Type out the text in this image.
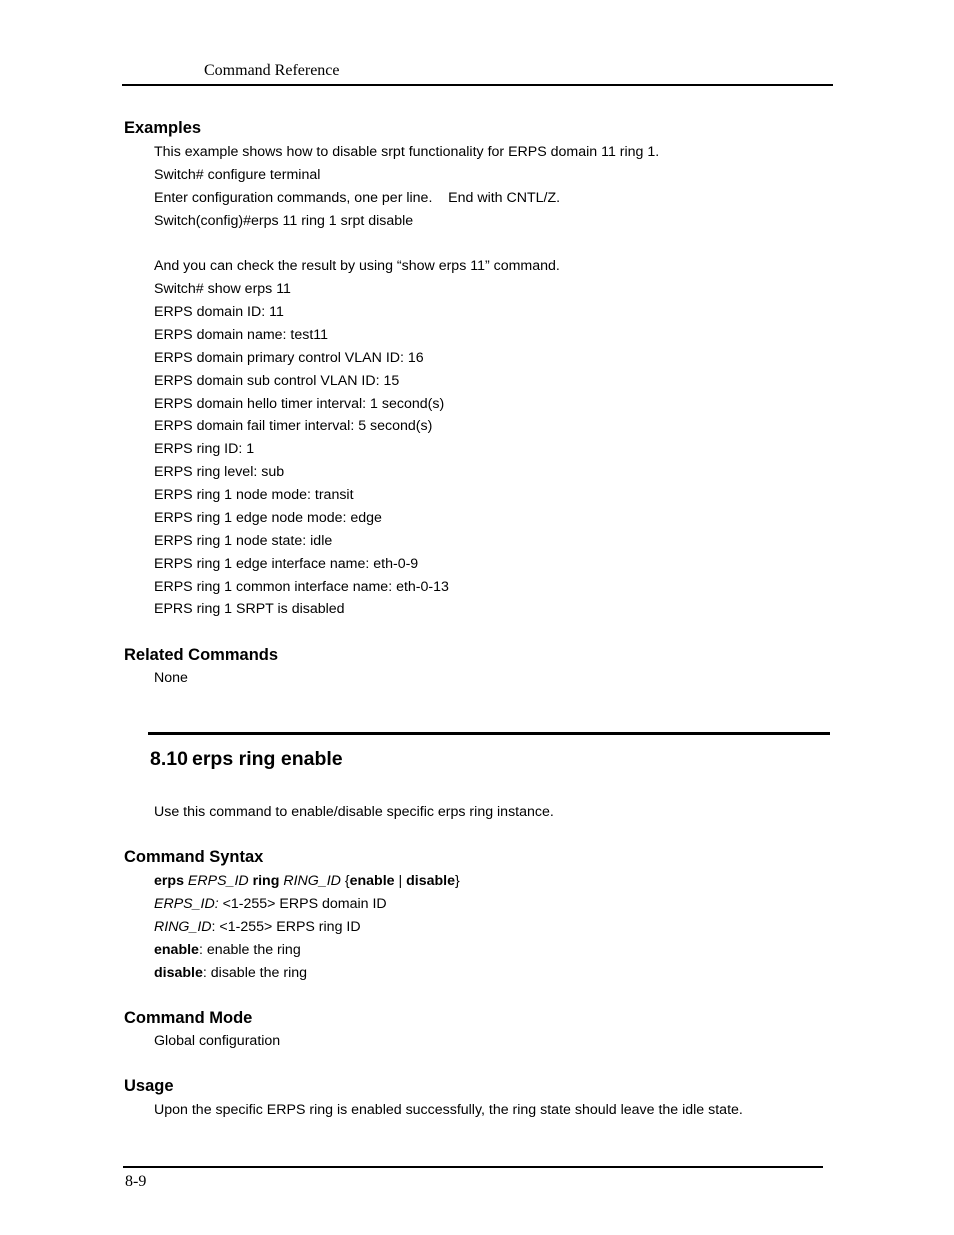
Command Reference
Examples
This example shows how to disable srpt functionality for ERPS domain 11 ring 1.
Switch# configure terminal
Enter configuration commands, one per line.    End with CNTL/Z.
Switch(config)#erps 11 ring 1 srpt disable
And you can check the result by using “show erps 11” command.
Switch# show erps 11
ERPS domain ID: 11
ERPS domain name: test11
ERPS domain primary control VLAN ID: 16
ERPS domain sub control VLAN ID: 15
ERPS domain hello timer interval: 1 second(s)
ERPS domain fail timer interval: 5 second(s)
ERPS ring ID: 1
ERPS ring level: sub
ERPS ring 1 node mode: transit
ERPS ring 1 edge node mode: edge
ERPS ring 1 node state: idle
ERPS ring 1 edge interface name: eth-0-9
ERPS ring 1 common interface name: eth-0-13
EPRS ring 1 SRPT is disabled
Related Commands
None
8.10 erps ring enable
Use this command to enable/disable specific erps ring instance.
Command Syntax
erps ERPS_ID ring RING_ID {enable | disable}
ERPS_ID: <1-255> ERPS domain ID
RING_ID: <1-255> ERPS ring ID
enable: enable the ring
disable: disable the ring
Command Mode
Global configuration
Usage
Upon the specific ERPS ring is enabled successfully, the ring state should leave the idle state.
8-9
